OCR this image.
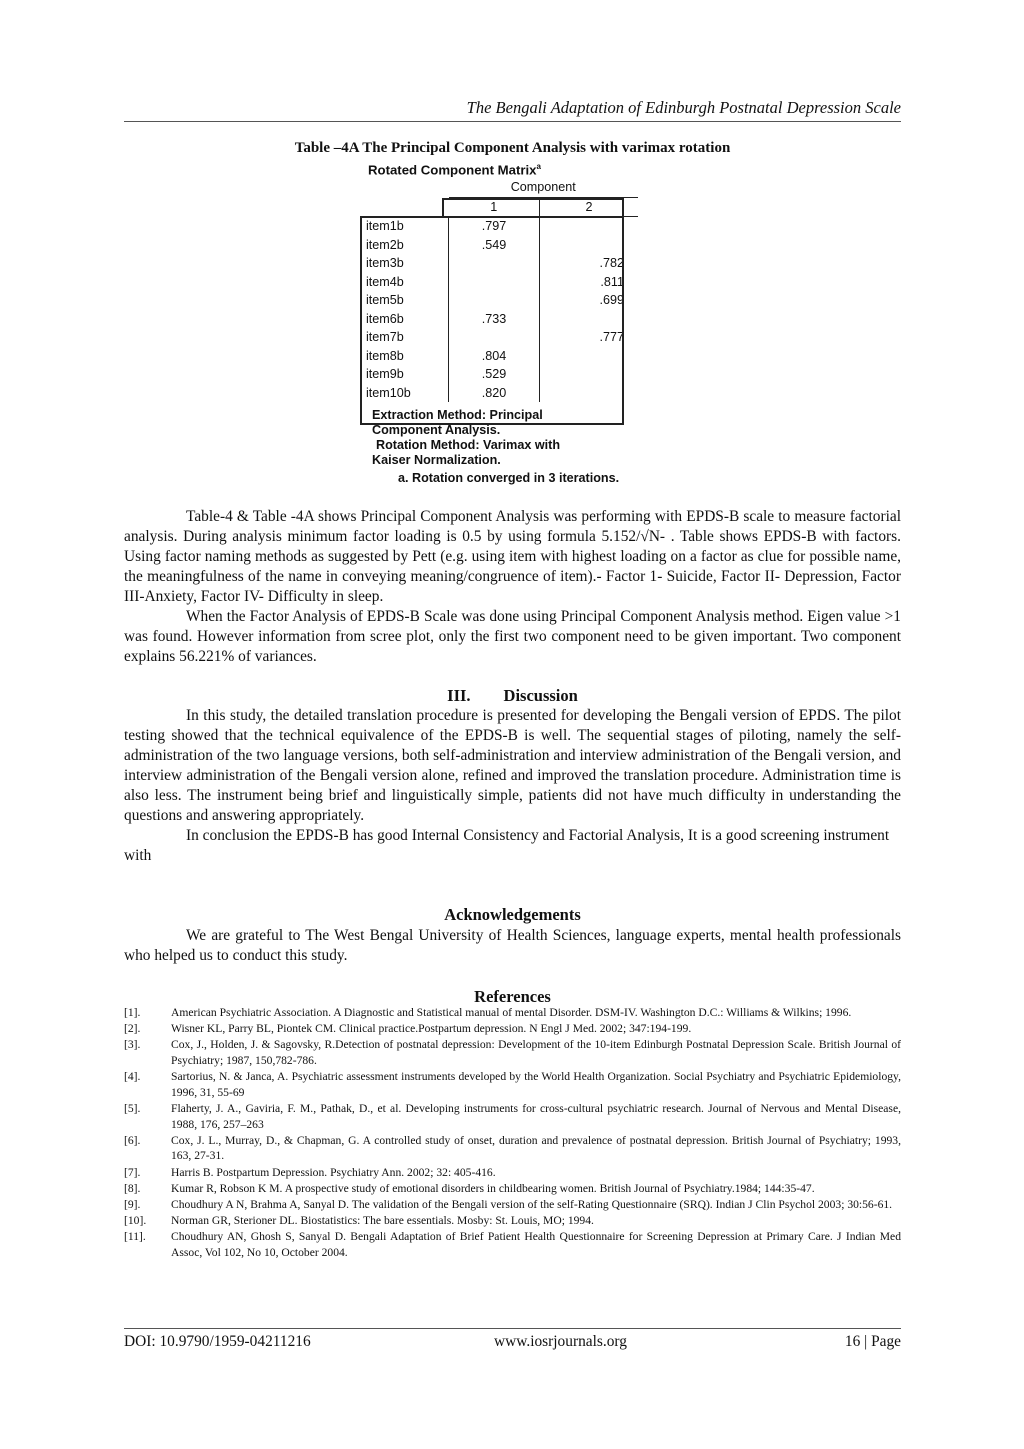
The Bengali Adaptation of Edinburgh Postnatal Depression Scale
Table –4A The Principal Component Analysis with varimax rotation
Rotated Component Matrix$^a$
	Component	
	1	2
item1b	.797	
item2b	.549	
item3b		.782
item4b		.811
item5b		.699
item6b	.733	
item7b		.777
item8b	.804	
item9b	.529	
item10b	.820	
Extraction Method: Principal
Component Analysis.
Rotation Method: Varimax with
Kaiser Normalization.
a. Rotation converged in 3 iterations.

Table-4 & Table -4A shows Principal Component Analysis was performing with EPDS-B scale to measure factorial analysis. During analysis minimum factor loading is 0.5 by using formula 5.152/√N- . Table shows EPDS-B with factors. Using factor naming methods as suggested by Pett (e.g. using item with highest loading on a factor as clue for possible name, the meaningfulness of the name in conveying meaning/congruence of item).- Factor 1- Suicide, Factor II- Depression, Factor III-Anxiety, Factor IV- Difficulty in sleep.

When the Factor Analysis of EPDS-B Scale was done using Principal Component Analysis method. Eigen value >1 was found. However information from scree plot, only the first two component need to be given important. Two component explains 56.221% of variances.

III.        Discussion

In this study, the detailed translation procedure is presented for developing the Bengali version of EPDS. The pilot testing showed that the technical equivalence of the EPDS-B is well. The sequential stages of piloting, namely the self-administration of the two language versions, both self-administration and interview administration of the Bengali version, and interview administration of the Bengali version alone, refined and improved the translation procedure. Administration time is also less. The instrument being brief and linguistically simple, patients did not have much difficulty in understanding the questions and answering appropriately.

In conclusion the EPDS-B has good Internal Consistency and Factorial Analysis, It is a good screening instrument with

Acknowledgements

We are grateful to The West Bengal University of Health Sciences, language experts, mental health professionals who helped us to conduct this study.

References
[1].	American Psychiatric Association. A Diagnostic and Statistical manual of mental Disorder. DSM-IV. Washington D.C.: Williams & Wilkins; 1996.
[2].	Wisner KL, Parry BL, Piontek CM. Clinical practice.Postpartum depression. N Engl J Med. 2002; 347:194-199.
[3].	Cox, J., Holden, J. & Sagovsky, R.Detection of postnatal depression: Development of the 10-item Edinburgh Postnatal Depression Scale. British Journal of Psychiatry; 1987, 150,782-786.
[4].	Sartorius, N. & Janca, A. Psychiatric assessment instruments developed by the World Health Organization. Social Psychiatry and Psychiatric Epidemiology, 1996, 31, 55-69
[5].	Flaherty, J. A., Gaviria, F. M., Pathak, D., et al. Developing instruments for cross-cultural psychiatric research. Journal of Nervous and Mental Disease, 1988, 176, 257–263
[6].	Cox, J. L., Murray, D., & Chapman, G. A controlled study of onset, duration and prevalence of postnatal depression. British Journal of Psychiatry; 1993, 163, 27-31.
[7].	Harris B. Postpartum Depression. Psychiatry Ann. 2002; 32: 405-416.
[8].	Kumar R, Robson K M. A prospective study of emotional disorders in childbearing women. British Journal of Psychiatry.1984; 144:35-47.
[9].	Choudhury A N, Brahma A, Sanyal D. The validation of the Bengali version of the self-Rating Questionnaire (SRQ). Indian J Clin Psychol 2003; 30:56-61.
[10].	Norman GR, Sterioner DL. Biostatistics: The bare essentials. Mosby: St. Louis, MO; 1994.
[11].	Choudhury AN, Ghosh S, Sanyal D. Bengali Adaptation of Brief Patient Health Questionnaire for Screening Depression at Primary Care. J Indian Med Assoc, Vol 102, No 10, October 2004.
DOI: 10.9790/1959-04211216	www.iosrjournals.org	16 | Page
